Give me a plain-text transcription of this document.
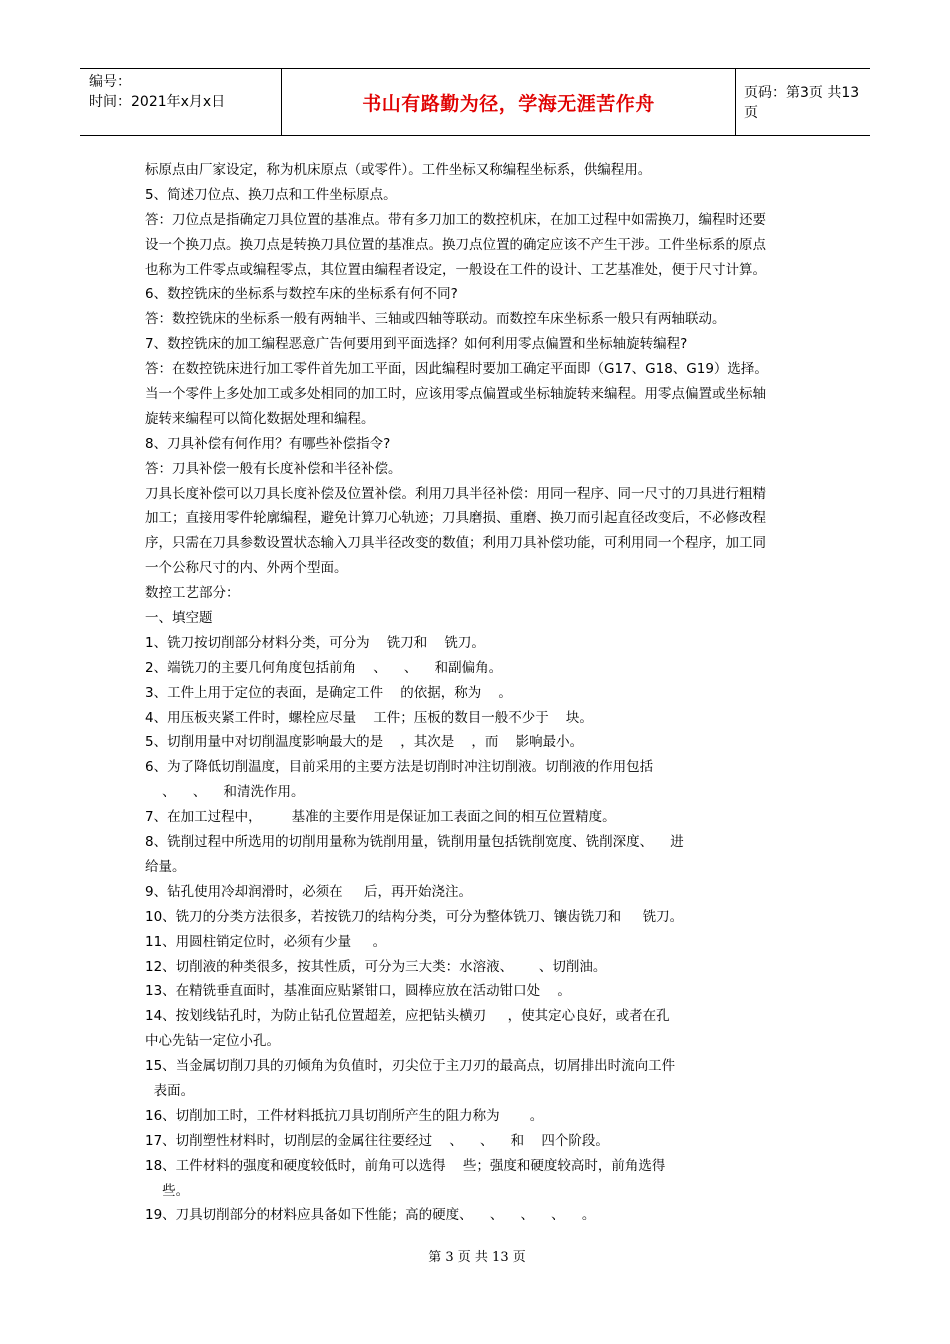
编号：
时间：2021年x月x日	书山有路勤为径，学海无涯苦作舟	页码：第3页 共13页
标原点由厂家设定，称为机床原点（或零件）。工件坐标又称编程坐标系，供编程用。
5、简述刀位点、换刀点和工件坐标原点。
答：刀位点是指确定刀具位置的基准点。带有多刀加工的数控机床，在加工过程中如需换刀，编程时还要
设一个换刀点。换刀点是转换刀具位置的基准点。换刀点位置的确定应该不产生干涉。工件坐标系的原点
也称为工件零点或编程零点，其位置由编程者设定，一般设在工件的设计、工艺基准处，便于尺寸计算。
6、数控铣床的坐标系与数控车床的坐标系有何不同?
答：数控铣床的坐标系一般有两轴半、三轴或四轴等联动。而数控车床坐标系一般只有两轴联动。
7、数控铣床的加工编程恶意广告何要用到平面选择？如何利用零点偏置和坐标轴旋转编程?
答：在数控铣床进行加工零件首先加工平面，因此编程时要加工确定平面即（G17、G18、G19）选择。
当一个零件上多处加工或多处相同的加工时，应该用零点偏置或坐标轴旋转来编程。用零点偏置或坐标轴
旋转来编程可以简化数据处理和编程。
8、刀具补偿有何作用？有哪些补偿指令?
答：刀具补偿一般有长度补偿和半径补偿。
刀具长度补偿可以刀具长度补偿及位置补偿。利用刀具半径补偿：用同一程序、同一尺寸的刀具进行粗精
加工；直接用零件轮廓编程，避免计算刀心轨迹；刀具磨损、重磨、换刀而引起直径改变后，不必修改程
序，只需在刀具参数设置状态输入刀具半径改变的数值；利用刀具补偿功能，可利用同一个程序，加工同
一个公称尺寸的内、外两个型面。
数控工艺部分：
一、填空题
1、铣刀按切削部分材料分类，可分为    铣刀和    铣刀。
2、端铣刀的主要几何角度包括前角    、    、    和副偏角。
3、工件上用于定位的表面，是确定工件    的依据，称为    。
4、用压板夹紧工件时，螺栓应尽量    工件；压板的数目一般不少于    块。
5、切削用量中对切削温度影响最大的是    ，其次是    ，而    影响最小。
6、为了降低切削温度，目前采用的主要方法是切削时冲注切削液。切削液的作用包括
、    、    和清洗作用。
7、在加工过程中，       基准的主要作用是保证加工表面之间的相互位置精度。
8、铣削过程中所选用的切削用量称为铣削用量，铣削用量包括铣削宽度、铣削深度、    进
给量。
9、钻孔使用冷却润滑时，必须在     后，再开始浇注。
10、铣刀的分类方法很多，若按铣刀的结构分类，可分为整体铣刀、镶齿铣刀和     铣刀。
11、用圆柱销定位时，必须有少量     。
12、切削液的种类很多，按其性质，可分为三大类：水溶液、      、切削油。
13、在精铣垂直面时，基准面应贴紧钳口，圆棒应放在活动钳口处    。
14、按划线钻孔时，为防止钻孔位置超差，应把钻头横刃     ，使其定心良好，或者在孔
中心先钻一定位小孔。
15、当金属切削刀具的刃倾角为负值时，刃尖位于主刀刃的最高点，切屑排出时流向工件
表面。
16、切削加工时，工件材料抵抗刀具切削所产生的阻力称为       。
17、切削塑性材料时，切削层的金属往往要经过    、    、    和    四个阶段。
18、工件材料的强度和硬度较低时，前角可以选得    些；强度和硬度较高时，前角选得
些。
19、刀具切削部分的材料应具备如下性能；高的硬度、    、    、    、    。
第 3 页 共 13 页
